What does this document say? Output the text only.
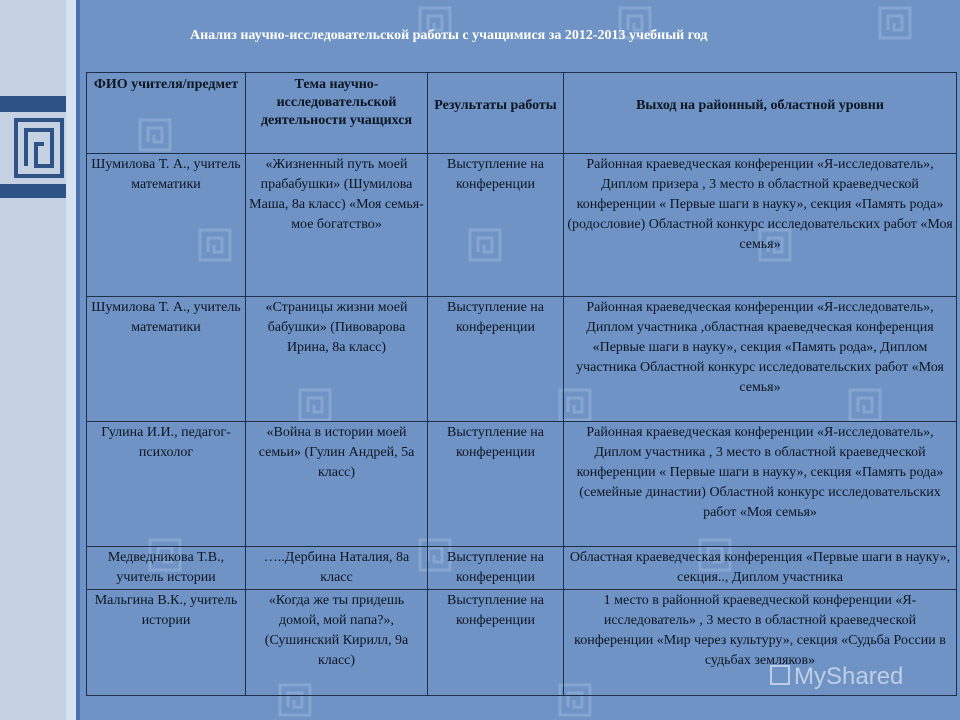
Анализ научно-исследовательской работы с учащимися за 2012-2013 учебный год
ФИО учителя/предмет	Тема научно-исследовательской деятельности учащихся	Результаты работы	Выход на районный, областной уровни
Шумилова Т. А., учитель математики	«Жизненный путь моей прабабушки» (Шумилова Маша, 8а класс) «Моя семья-мое богатство»	Выступление на конференции	Районная краеведческая конференции «Я-исследователь», Диплом призера , 3 место в областной краеведческой конференции « Первые шаги в науку», секция «Память рода» (родословие) Областной конкурс исследовательских работ «Моя семья»
Шумилова Т. А., учитель математики	«Страницы жизни моей бабушки» (Пивоварова Ирина, 8а класс)	Выступление на конференции	Районная краеведческая конференции «Я-исследователь», Диплом участника ,областная краеведческая конференция «Первые шаги в науку», секция «Память рода», Диплом участника Областной конкурс исследовательских работ «Моя семья»
Гулина И.И., педагог-психолог	«Война в истории моей семьи» (Гулин Андрей, 5а класс)	Выступление на конференции	Районная краеведческая конференции «Я-исследователь», Диплом участника , 3 место в областной краеведческой конференции « Первые шаги в науку», секция «Память рода» (семейные династии) Областной конкурс исследовательских работ «Моя семья»
Медведникова Т.В., учитель истории	…..Дербина Наталия, 8а класс	Выступление на конференции	Областная краеведческая конференция «Первые шаги в науку», секция.., Диплом участника
Мальгина В.К., учитель истории	«Когда же ты придешь домой, мой папа?», (Сушинский Кирилл, 9а класс)	Выступление на конференции	1 место в районной краеведческой конференции «Я-исследователь» , 3 место в областной краеведческой конференции «Мир через культуру», секция «Судьба России в судьбах земляков»
MyShared
